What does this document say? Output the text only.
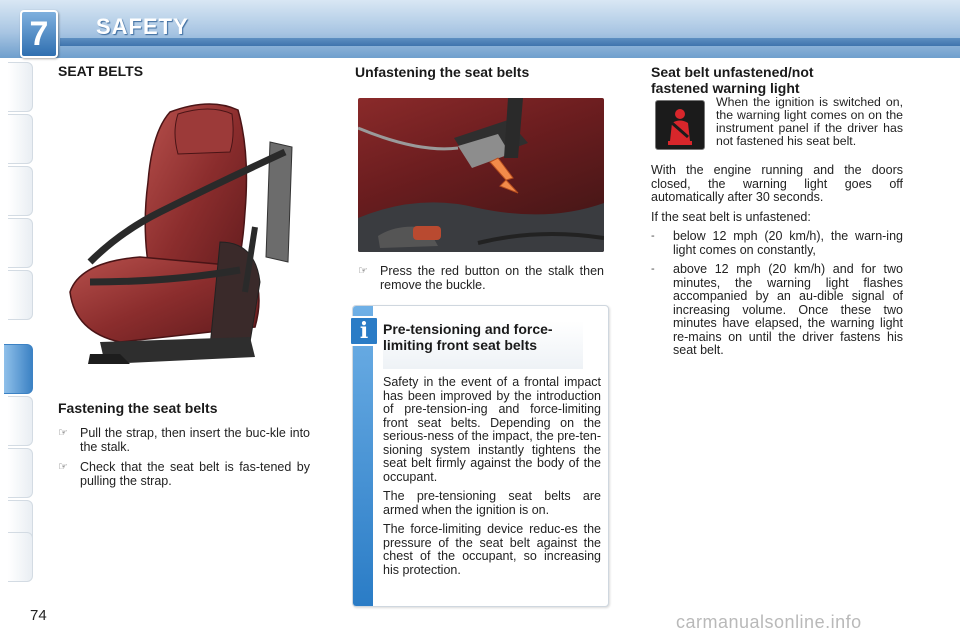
7	SAFETY
SEAT BELTS
Fastening the seat belts
☞ Pull the strap, then insert the buc-kle into the stalk.
☞ Check that the seat belt is fas-tened by pulling the strap.
Unfastening the seat belts
☞ Press the red button on the stalk then remove the buckle.
i	Pre-tensioning and force-limiting front seat belts

Safety in the event of a frontal impact has been improved by the introduction of pre-tension-ing and force-limiting front seat belts. Depending on the serious-ness of the impact, the pre-ten-sioning system instantly tightens the seat belt firmly against the body of the occupant.

The pre-tensioning seat belts are armed when the ignition is on.

The force-limiting device reduc-es the pressure of the seat belt against the chest of the occupant, so increasing his protection.

Seat belt unfastened/not fastened warning light
When the ignition is switched on, the warning light comes on on the instrument panel if the driver has not fastened his seat belt.

With the engine running and the doors closed, the warning light goes off automatically after 30 seconds.

If the seat belt is unfastened:

-	below 12 mph (20 km/h), the warn-ing light comes on constantly,
-	above 12 mph (20 km/h) and for two minutes, the warning light flashes accompanied by an au-dible signal of increasing volume. Once these two minutes have elapsed, the warning light re-mains on until the driver fastens his seat belt.
74	carmanualsonline.info
